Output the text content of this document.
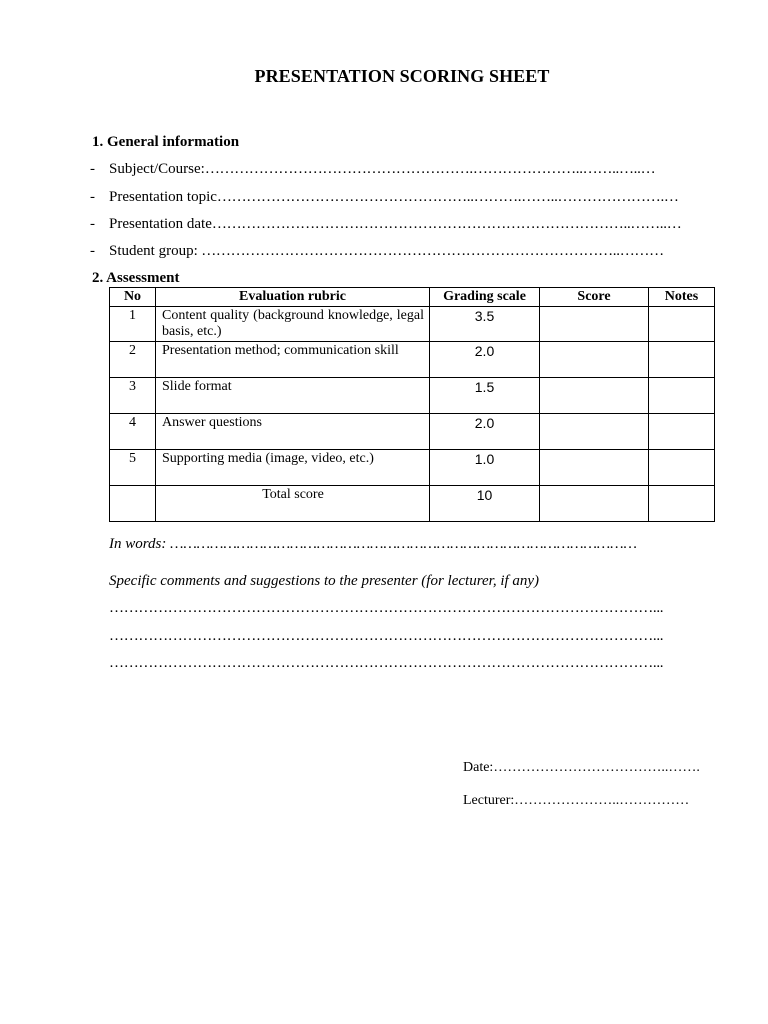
PRESENTATION SCORING SHEET
1. General information
- Subject/Course:……………………………………………….…………………..……..…..…
- Presentation topic……………………………………………..……….……..………………….…
- Presentation date…………………………………………………………………………..……..…
- Student group: …………………………………………………………………………..………
2. Assessment
No	Evaluation rubric	Grading scale	Score	Notes
1	Content quality (background knowledge, legal basis, etc.)	3.5		
2	Presentation method; communication skill	2.0		
3	Slide format	1.5		
4	Answer questions	2.0		
5	Supporting media (image, video, etc.)	1.0		
	Total score	10		
In words: ……………………………………………………………………………………………
Specific comments and suggestions to the presenter (for lecturer, if any)
…………………………………………………………………………………………………...
…………………………………………………………………………………………………...
…………………………………………………………………………………………………...
Date:………………………………..…….
Lecturer:…………………..……………
